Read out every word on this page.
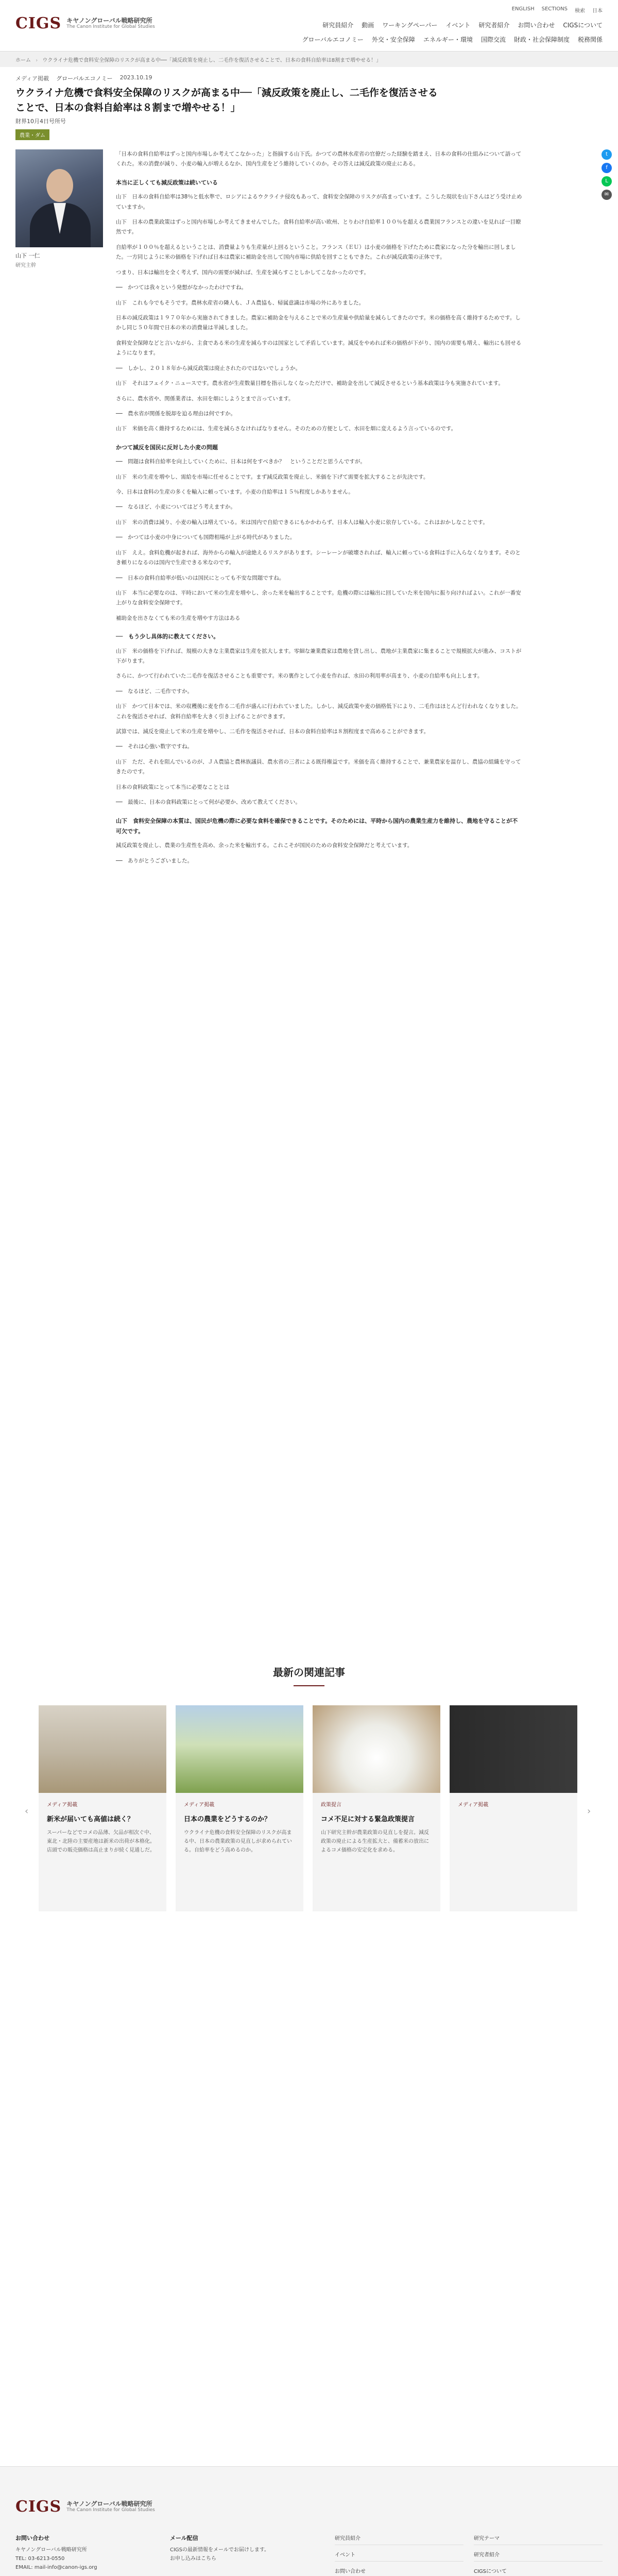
CIGS キヤノングローバル戦略研究所
The Canon Institute for Global Studies
ENGLISH SECTIONS 検索 日本
研究員紹介 動画 ワーキングペーパー イベント 研究者紹介 お問い合わせ CIGSについて
グローバルエコノミー 外交・安全保障 エネルギー・環境 国際交流 財政・社会保障制度 税務関係
ホーム › ウクライナ危機で食料安全保障のリスクが高まる中──「減反政策を廃止し、二毛作を復活させることで、日本の食料自給率は8割まで増やせる！」
メディア掲載 グローバルエコノミー 2023.10.19
ウクライナ危機で食料安全保障のリスクが高まる中──「減反政策を廃止し、二毛作を復活させることで、日本の食料自給率は８割まで増やせる！」
財界10月4日号所号
農業・ダム
山下 一仁
研究主幹

「日本の食料自給率はずっと国内市場しか考えてこなかった」と指摘する山下氏。かつての農林水産省の官僚だった経験を踏まえ、日本の食料の仕組みについて語ってくれた。米の消費が減り、小麦の輸入が増えるなか、国内生産をどう維持していくのか。その答えは減反政策の廃止にある。

本当に正しくても減反政策は続いている

山下　日本の食料自給率は38％と低水準で、ロシアによるウクライナ侵攻もあって、食料安全保障のリスクが高まっています。こうした現状を山下さんはどう受け止めていますか。

山下　日本の農業政策はずっと国内市場しか考えてきませんでした。食料自給率が高い欧州、とりわけ自給率１００％を超える農業国フランスとの違いを見れば一目瞭然です。

自給率が１００％を超えるということは、消費量よりも生産量が上回るということ。フランス（ＥＵ）は小麦の価格を下げたために農家になった分を輸出に回しました。一方同じように米の価格を下げれば日本は農家に補助金を出して国内市場に供給を回すこともできた。これが減反政策の正体です。

つまり、日本は輸出を全く考えず、国内の需要が減れば、生産を減らすことしかしてこなかったのです。

──　かつては我々という発想がなかったわけですね。

山下　これも今でもそうです。農林水産省の隣人も、ＪＡ農協も、帰属意識は市場の外にありました。

日本の減反政策は１９７０年から実施されてきました。農家に補助金を与えることで米の生産量や供給量を減らしてきたのです。米の価格を高く維持するためです。しかし同じ５０年間で日本の米の消費量は半減しました。

食料安全保障などと言いながら、主食である米の生産を減らすのは国家として矛盾しています。減反をやめれば米の価格が下がり、国内の需要も増え、輸出にも回せるようになります。

──　しかし、２０１８年から減反政策は廃止されたのではないでしょうか。

山下　それはフェイク・ニュースです。農水省が生産数量目標を指示しなくなっただけで、補助金を出して減反させるという基本政策は今も実施されています。

さらに、農水省や、関係業者は、水田を畑にしようとまで言っています。

──　農水省が関係を脱却を迫る理由は何ですか。

山下　米価を高く維持するためには、生産を減らさなければなりません。そのための方便として、水田を畑に変えるよう言っているのです。

かつて減反を国民に反対した小麦の問題

──　問題は食料自給率を向上していくために、日本は何をすべきか？　ということだと思うんですが。

山下　米の生産を増やし、需給を市場に任せることです。まず減反政策を廃止し、米価を下げて需要を拡大することが先決です。

今、日本は食料の生産の多くを輸入に頼っています。小麦の自給率は１５％程度しかありません。

──　なるほど、小麦についてはどう考えますか。

山下　米の消費は減り、小麦の輸入は増えている。米は国内で自給できるにもかかわらず、日本人は輸入小麦に依存している。これはおかしなことです。

──　かつては小麦の中身についても国際相場が上がる時代がありました。

山下　ええ。食料危機が起きれば、海外からの輸入が途絶えるリスクがあります。シーレーンが破壊されれば、輸入に頼っている食料は手に入らなくなります。そのとき頼りになるのは国内で生産できる米なのです。

──　日本の食料自給率が低いのは国民にとっても不安な問題ですね。

山下　本当に必要なのは、平時において米の生産を増やし、余った米を輸出することです。危機の際には輸出に回していた米を国内に振り向ければよい。これが一番安上がりな食料安全保障です。

補助金を出さなくても米の生産を増やす方法はある

──　もう少し具体的に教えてください。

山下　米の価格を下げれば、規模の大きな主業農家は生産を拡大します。零細な兼業農家は農地を貸し出し、農地が主業農家に集まることで規模拡大が進み、コストが下がります。

さらに、かつて行われていた二毛作を復活させることも重要です。米の裏作として小麦を作れば、水田の利用率が高まり、小麦の自給率も向上します。

──　なるほど、二毛作ですか。

山下　かつて日本では、米の収穫後に麦を作る二毛作が盛んに行われていました。しかし、減反政策や麦の価格低下により、二毛作はほとんど行われなくなりました。これを復活させれば、食料自給率を大きく引き上げることができます。

試算では、減反を廃止して米の生産を増やし、二毛作を復活させれば、日本の食料自給率は８割程度まで高めることができます。

──　それは心強い数字ですね。

山下　ただ、それを阻んでいるのが、ＪＡ農協と農林族議員、農水省の三者による既得権益です。米価を高く維持することで、兼業農家を温存し、農協の組織を守ってきたのです。

日本の食料政策にとって本当に必要なこととは

──　最後に、日本の食料政策にとって何が必要か、改めて教えてください。

山下　食料安全保障の本質は、国民が危機の際に必要な食料を確保できることです。そのためには、平時から国内の農業生産力を維持し、農地を守ることが不可欠です。

減反政策を廃止し、農業の生産性を高め、余った米を輸出する。これこそが国民のための食料安全保障だと考えています。

──　ありがとうございました。

t
f
L
✉
最新の関連記事
‹
メディア掲載
新米が届いても高値は続く？
スーパーなどでコメの品薄、欠品が相次ぐ中、東北・北陸の主要産地は新米の出荷が本格化。店頭での販売価格は高止まりが続く見通しだ。
メディア掲載
日本の農業をどうするのか？
ウクライナ危機の食料安全保障のリスクが高まる中、日本の農業政策の見直しが求められている。自給率をどう高めるのか。
政策提言
コメ不足に対する緊急政策提言
山下研究主幹が農業政策の見直しを提言。減反政策の廃止による生産拡大と、備蓄米の放出によるコメ価格の安定化を求める。
メディア掲載
›
CIGS キヤノングローバル戦略研究所
The Canon Institute for Global Studies
お問い合わせ
キヤノングローバル戦略研究所
TEL: 03-6213-0550
EMAIL: mail-info@canon-igs.org
メール配信
CIGSの最新情報をメールでお届けします。
お申し込みはこちら
研究員紹介	研究テーマ
イベント	研究者紹介
お問い合わせ	CIGSについて
